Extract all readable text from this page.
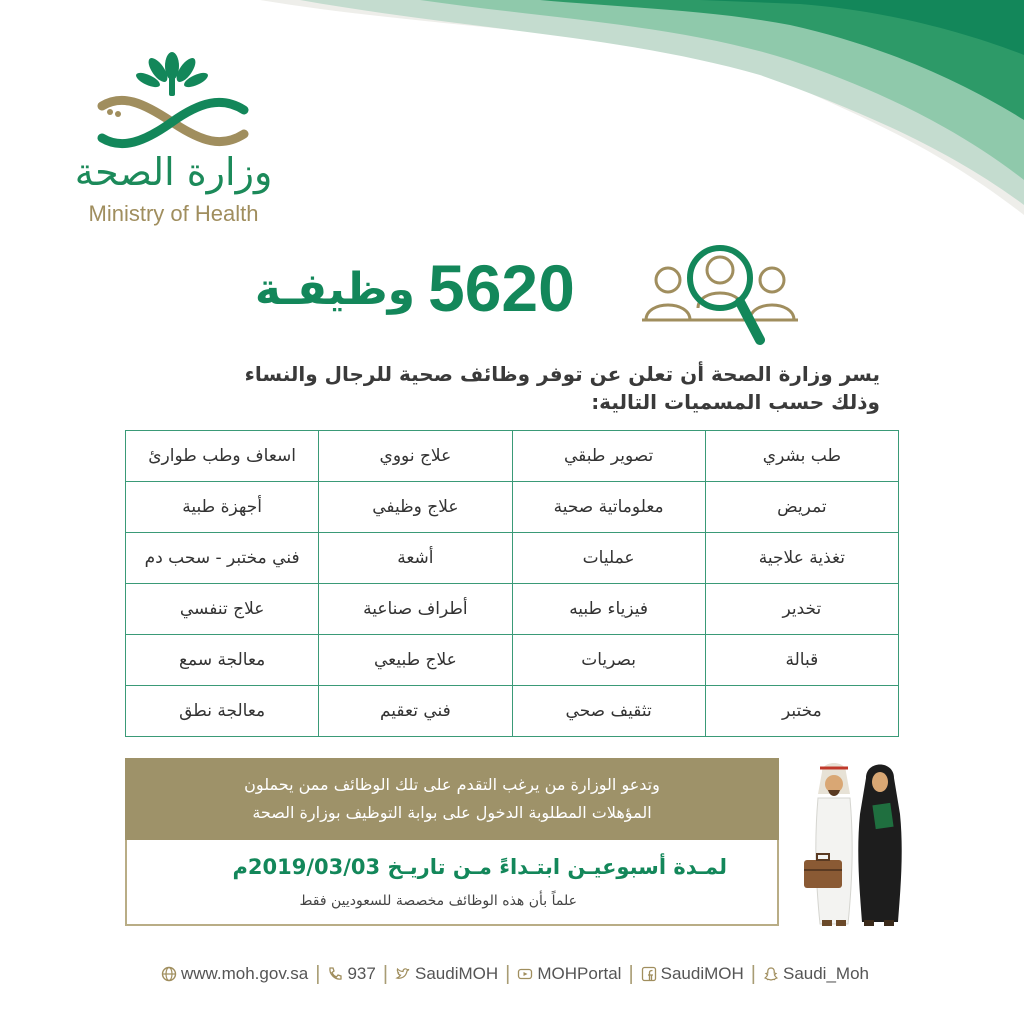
وزارة الصحة
Ministry of Health
5620
وظيفـة
يسر وزارة الصحة أن تعلن عن توفر وظائف صحية للرجال والنساء
وذلك حسب المسميات التالية:
طب بشري	تصوير طبقي	علاج نووي	اسعاف وطب طوارئ
تمريض	معلوماتية صحية	علاج وظيفي	أجهزة طبية
تغذية علاجية	عمليات	أشعة	فني مختبر - سحب دم
تخدير	فيزياء طبيه	أطراف صناعية	علاج تنفسي
قبالة	بصريات	علاج طبيعي	معالجة سمع
مختبر	تثقيف صحي	فني تعقيم	معالجة نطق
وتدعو الوزارة من يرغب التقدم على تلك الوظائف ممن يحملون
المؤهلات المطلوبة الدخول على بوابة التوظيف بوزارة الصحة
لمـدة أسبوعيـن ابتـداءً مـن تاريـخ 2019/03/03م
علماً بأن هذه الوظائف مخصصة للسعوديين فقط
www.moh.gov.sa | 937 | SaudiMOH | MOHPortal | SaudiMOH | Saudi_Moh
